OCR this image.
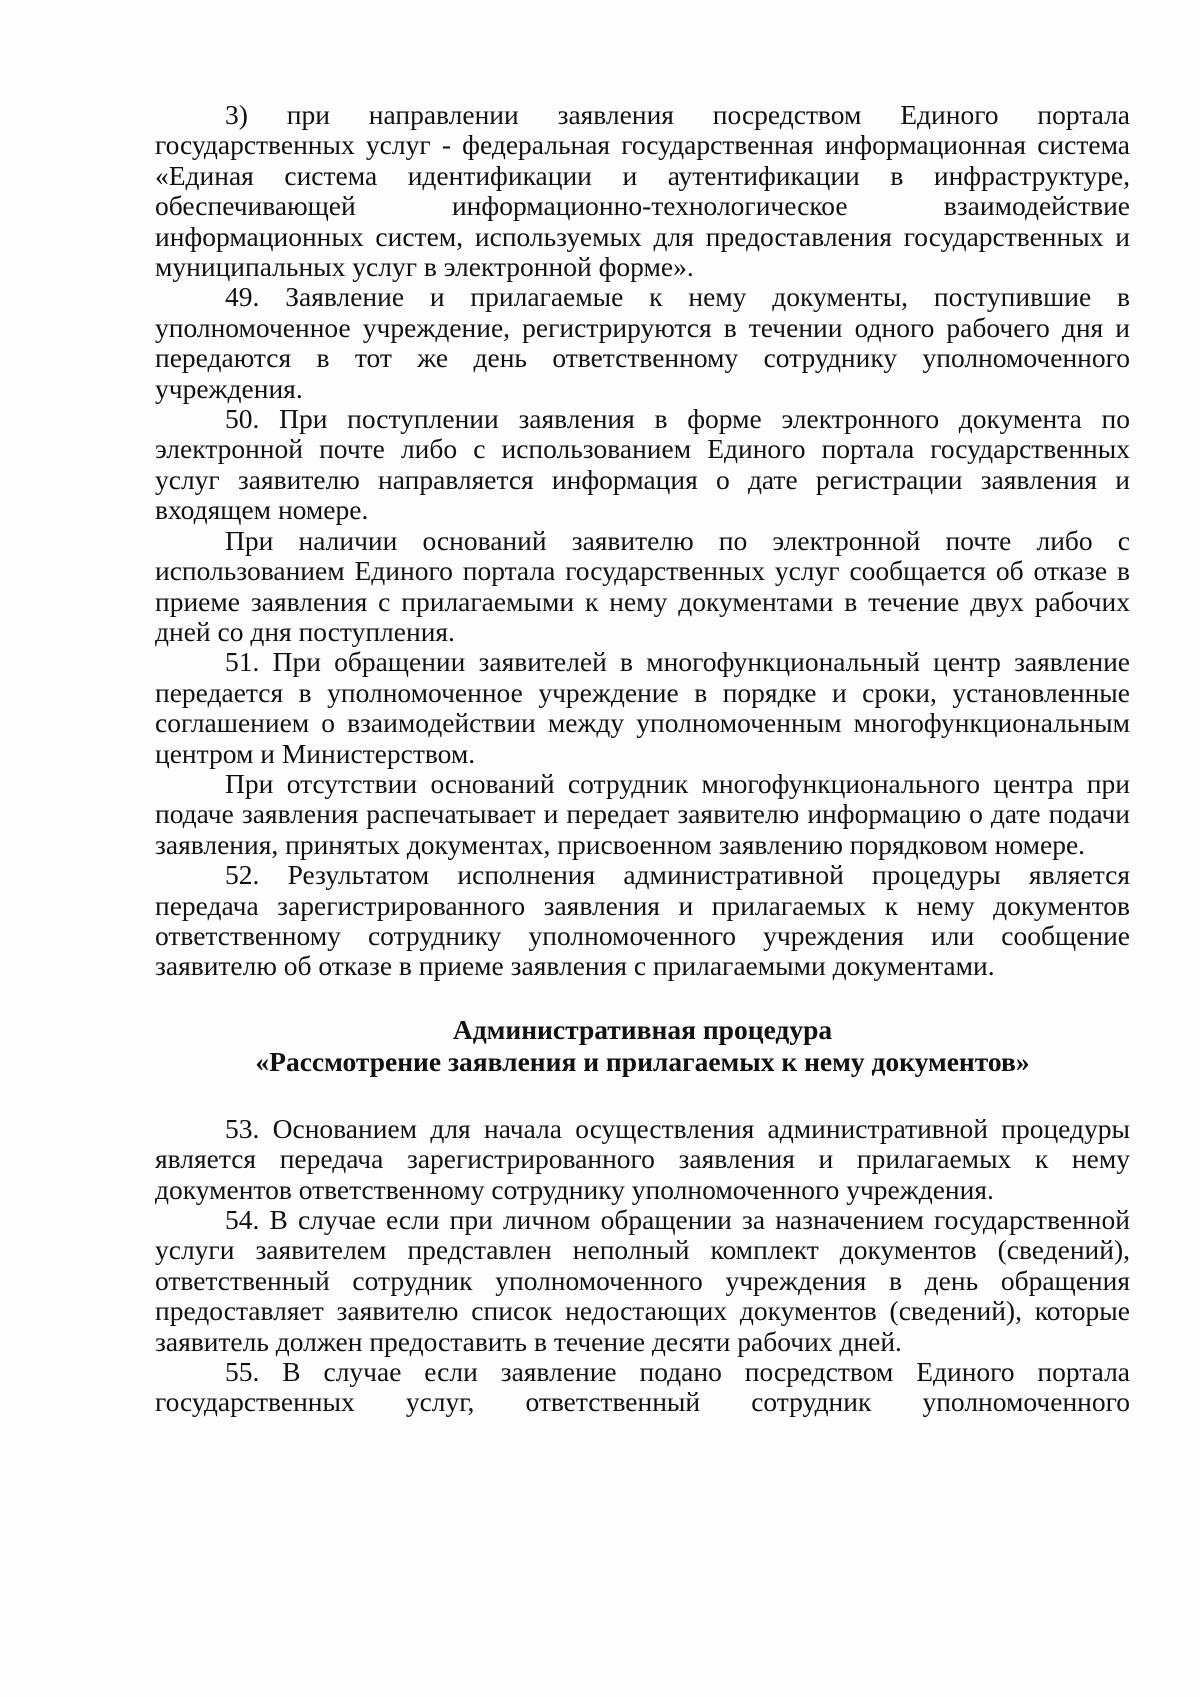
3) при направлении заявления посредством Единого портала государственных услуг - федеральная государственная информационная система «Единая система идентификации и аутентификации в инфраструктуре, обеспечивающей информационно-технологическое взаимодействие информационных систем, используемых для предоставления государственных и муниципальных услуг в электронной форме».

49. Заявление и прилагаемые к нему документы, поступившие в уполномоченное учреждение, регистрируются в течении одного рабочего дня и передаются в тот же день ответственному сотруднику уполномоченного учреждения.

50. При поступлении заявления в форме электронного документа по электронной почте либо с использованием Единого портала государственных услуг заявителю направляется информация о дате регистрации заявления и входящем номере.

При наличии оснований заявителю по электронной почте либо с использованием Единого портала государственных услуг сообщается об отказе в приеме заявления с прилагаемыми к нему документами в течение двух рабочих дней со дня поступления.

51. При обращении заявителей в многофункциональный центр заявление передается в уполномоченное учреждение в порядке и сроки, установленные соглашением о взаимодействии между уполномоченным многофункциональным центром и Министерством.

При отсутствии оснований сотрудник многофункционального центра при подаче заявления распечатывает и передает заявителю информацию о дате подачи заявления, принятых документах, присвоенном заявлению порядковом номере.

52. Результатом исполнения административной процедуры является передача зарегистрированного заявления и прилагаемых к нему документов ответственному сотруднику уполномоченного учреждения или сообщение заявителю об отказе в приеме заявления с прилагаемыми документами.

Административная процедура

«Рассмотрение заявления и прилагаемых к нему документов»

53. Основанием для начала осуществления административной процедуры является передача зарегистрированного заявления и прилагаемых к нему документов ответственному сотруднику уполномоченного учреждения.

54. В случае если при личном обращении за назначением государственной услуги заявителем представлен неполный комплект документов (сведений), ответственный сотрудник уполномоченного учреждения в день обращения предоставляет заявителю список недостающих документов (сведений), которые заявитель должен предоставить в течение десяти рабочих дней.

55. В случае если заявление подано посредством Единого портала государственных услуг, ответственный сотрудник уполномоченного
